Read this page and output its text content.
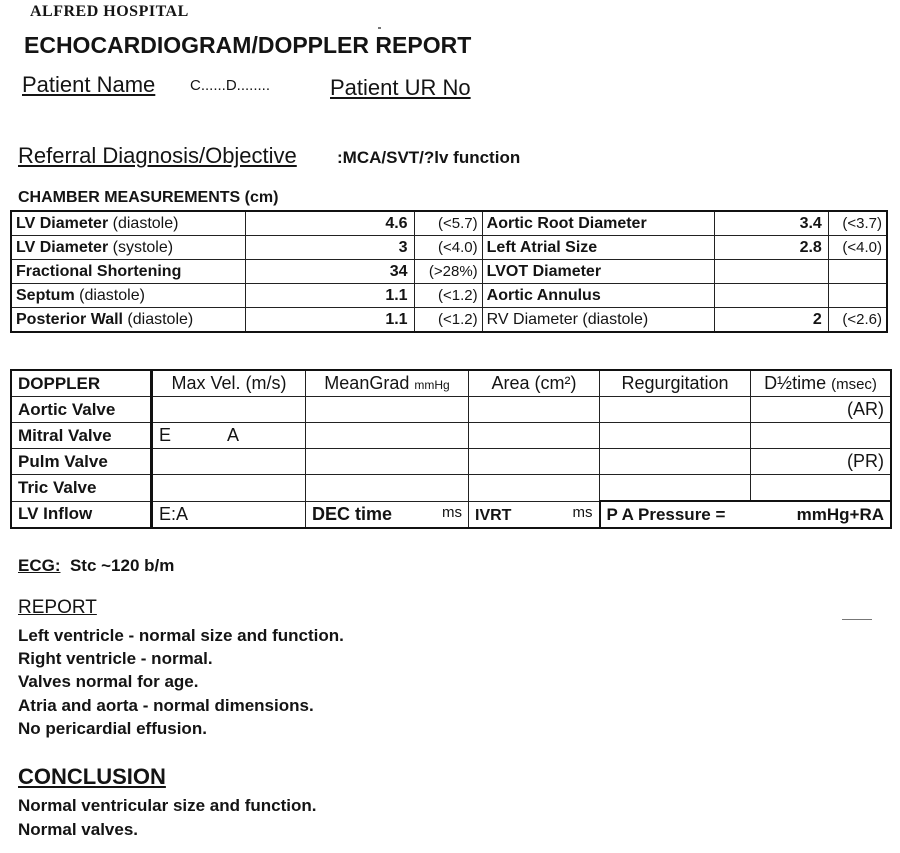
ALFRED HOSPITAL
ECHOCARDIOGRAM/DOPPLER REPORT
Patient Name C......D........	Patient UR No
Referral Diagnosis/Objective :MCA/SVT/?lv function
CHAMBER MEASUREMENTS (cm)
LV Diameter (diastole)	4.6	(<5.7)	Aortic Root Diameter	3.4	(<3.7)
LV Diameter (systole)	3	(<4.0)	Left Atrial Size	2.8	(<4.0)
Fractional Shortening	34	(>28%)	LVOT Diameter		
Septum (diastole)	1.1	(<1.2)	Aortic Annulus		
Posterior Wall (diastole)	1.1	(<1.2)	RV Diameter (diastole)	2	(<2.6)
DOPPLER	Max Vel. (m/s)	MeanGrad mmHg	Area (cm²)	Regurgitation	D½time (msec)
Aortic Valve					(AR)
Mitral Valve	E A				
Pulm Valve					(PR)
Tric Valve					
LV Inflow	E:A	DEC time ms	IVRT ms	P A Pressure = mmHg+RA	
ECG: Stc ~120 b/m
REPORT
Left ventricle - normal size and function.
Right ventricle - normal.
Valves normal for age.
Atria and aorta - normal dimensions.
No pericardial effusion.
CONCLUSION
Normal ventricular size and function.
Normal valves.
